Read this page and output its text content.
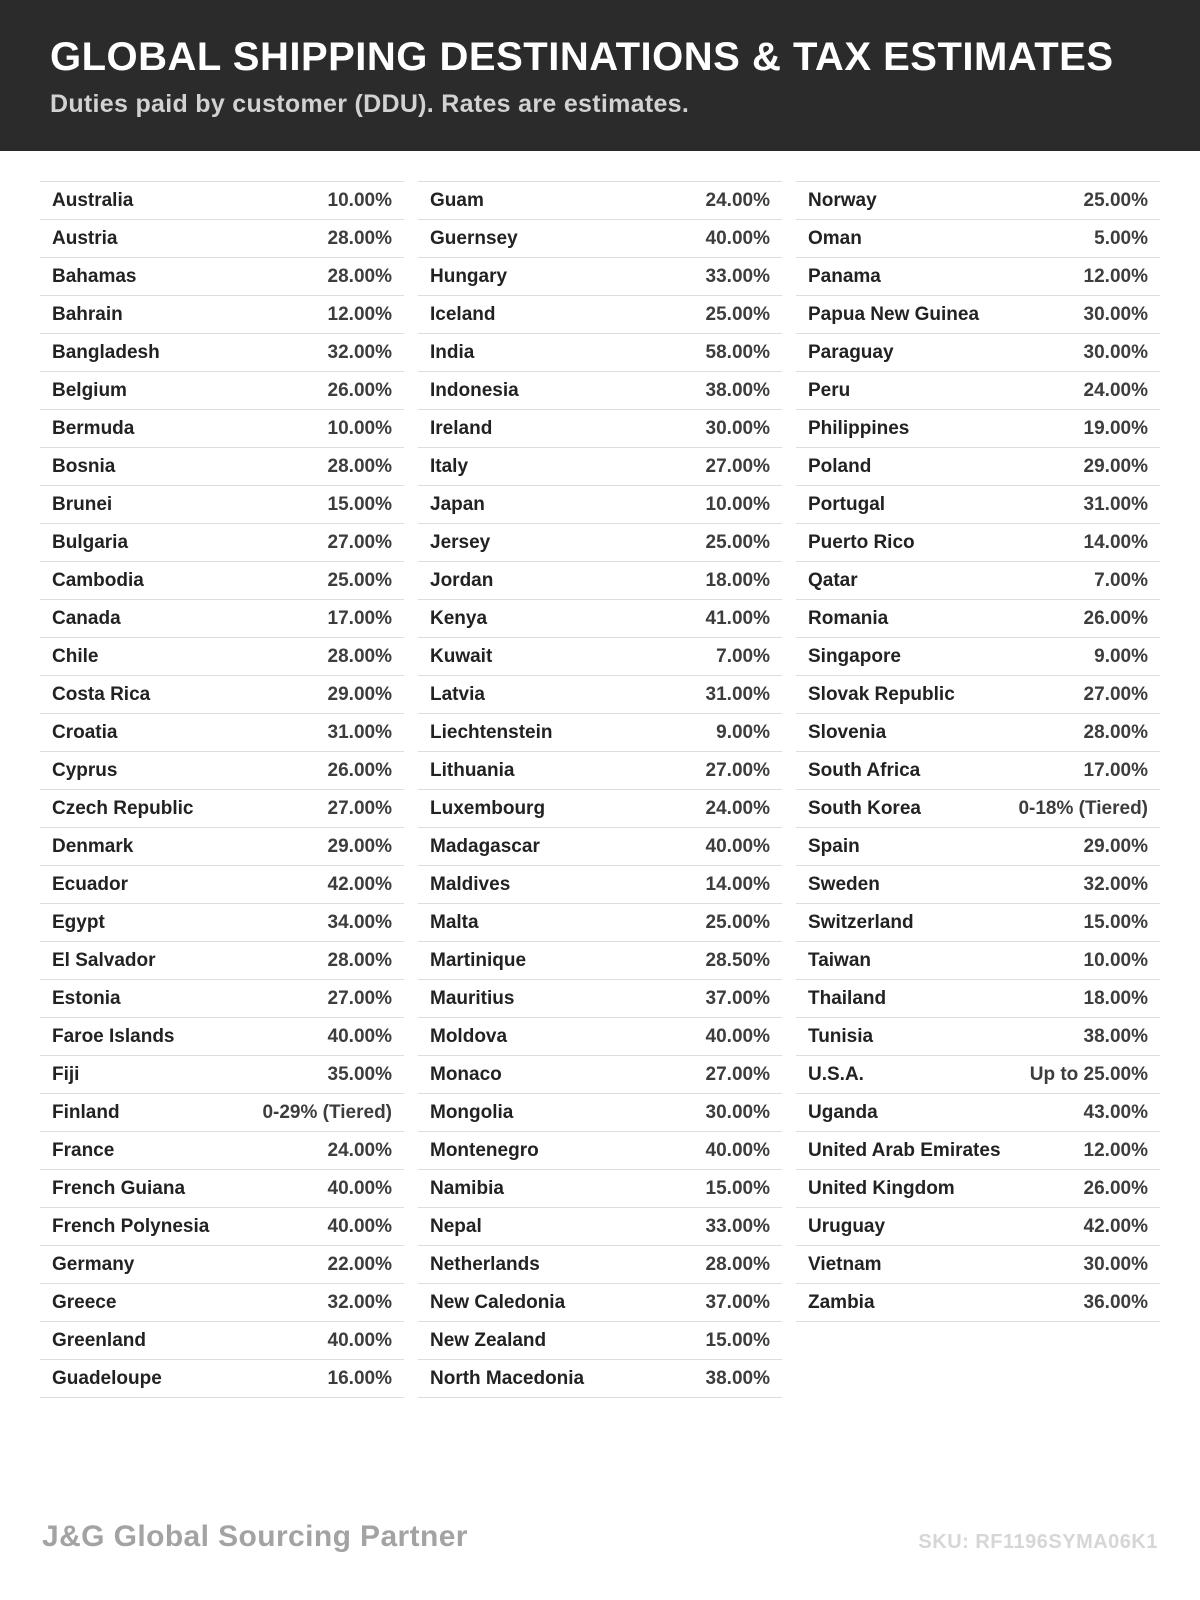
GLOBAL SHIPPING DESTINATIONS & TAX ESTIMATES
Duties paid by customer (DDU). Rates are estimates.
Australia	10.00%
Austria	28.00%
Bahamas	28.00%
Bahrain	12.00%
Bangladesh	32.00%
Belgium	26.00%
Bermuda	10.00%
Bosnia	28.00%
Brunei	15.00%
Bulgaria	27.00%
Cambodia	25.00%
Canada	17.00%
Chile	28.00%
Costa Rica	29.00%
Croatia	31.00%
Cyprus	26.00%
Czech Republic	27.00%
Denmark	29.00%
Ecuador	42.00%
Egypt	34.00%
El Salvador	28.00%
Estonia	27.00%
Faroe Islands	40.00%
Fiji	35.00%
Finland	0-29% (Tiered)
France	24.00%
French Guiana	40.00%
French Polynesia	40.00%
Germany	22.00%
Greece	32.00%
Greenland	40.00%
Guadeloupe	16.00%
Guam	24.00%
Guernsey	40.00%
Hungary	33.00%
Iceland	25.00%
India	58.00%
Indonesia	38.00%
Ireland	30.00%
Italy	27.00%
Japan	10.00%
Jersey	25.00%
Jordan	18.00%
Kenya	41.00%
Kuwait	7.00%
Latvia	31.00%
Liechtenstein	9.00%
Lithuania	27.00%
Luxembourg	24.00%
Madagascar	40.00%
Maldives	14.00%
Malta	25.00%
Martinique	28.50%
Mauritius	37.00%
Moldova	40.00%
Monaco	27.00%
Mongolia	30.00%
Montenegro	40.00%
Namibia	15.00%
Nepal	33.00%
Netherlands	28.00%
New Caledonia	37.00%
New Zealand	15.00%
North Macedonia	38.00%
Norway	25.00%
Oman	5.00%
Panama	12.00%
Papua New Guinea	30.00%
Paraguay	30.00%
Peru	24.00%
Philippines	19.00%
Poland	29.00%
Portugal	31.00%
Puerto Rico	14.00%
Qatar	7.00%
Romania	26.00%
Singapore	9.00%
Slovak Republic	27.00%
Slovenia	28.00%
South Africa	17.00%
South Korea	0-18% (Tiered)
Spain	29.00%
Sweden	32.00%
Switzerland	15.00%
Taiwan	10.00%
Thailand	18.00%
Tunisia	38.00%
U.S.A.	Up to 25.00%
Uganda	43.00%
United Arab Emirates	12.00%
United Kingdom	26.00%
Uruguay	42.00%
Vietnam	30.00%
Zambia	36.00%
J&G Global Sourcing Partner	SKU: RF1196SYMA06K1
